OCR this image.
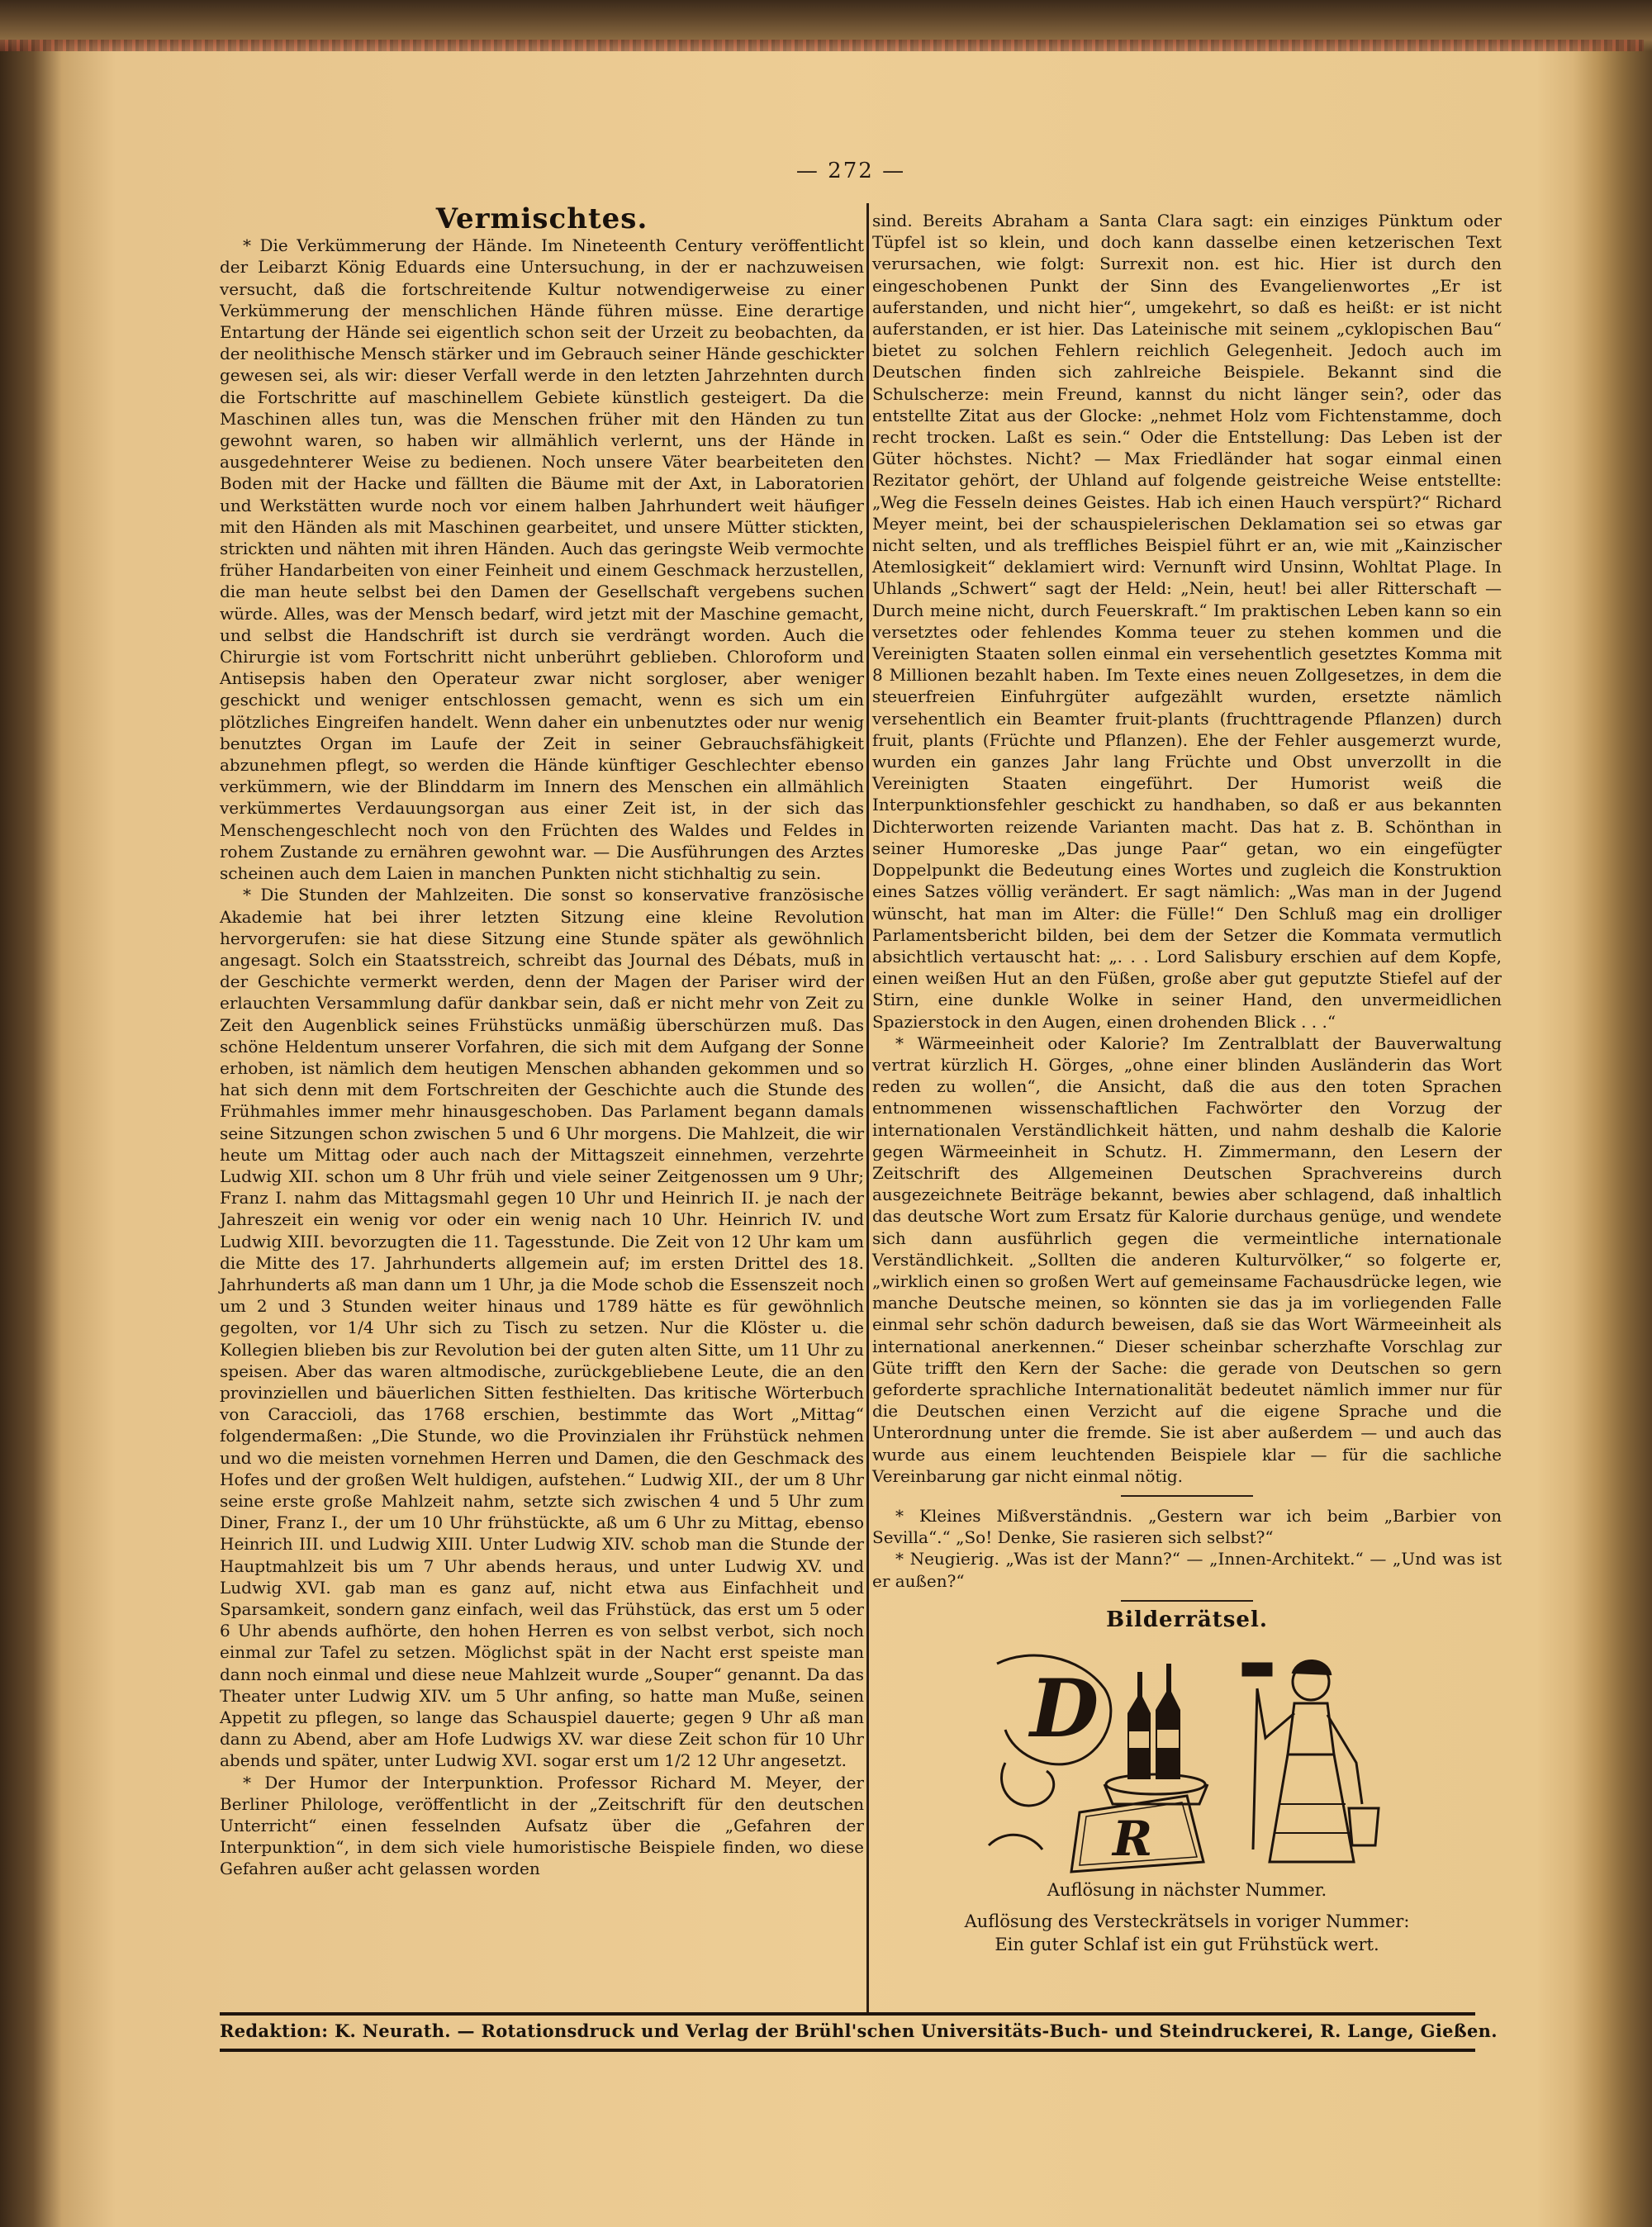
— 272 —
Vermischtes.

* Die Verkümmerung der Hände. Im Nineteenth Century veröffentlicht der Leibarzt König Eduards eine Untersuchung, in der er nachzuweisen versucht, daß die fortschreitende Kultur notwendigerweise zu einer Verkümmerung der menschlichen Hände führen müsse. Eine derartige Entartung der Hände sei eigentlich schon seit der Urzeit zu beobachten, da der neolithische Mensch stärker und im Gebrauch seiner Hände geschickter gewesen sei, als wir: dieser Verfall werde in den letzten Jahrzehnten durch die Fortschritte auf maschinellem Gebiete künstlich gesteigert. Da die Maschinen alles tun, was die Menschen früher mit den Händen zu tun gewohnt waren, so haben wir allmählich verlernt, uns der Hände in ausgedehnterer Weise zu bedienen. Noch unsere Väter bearbeiteten den Boden mit der Hacke und fällten die Bäume mit der Axt, in Laboratorien und Werkstätten wurde noch vor einem halben Jahrhundert weit häufiger mit den Händen als mit Maschinen gearbeitet, und unsere Mütter stickten, strickten und nähten mit ihren Händen. Auch das geringste Weib vermochte früher Handarbeiten von einer Feinheit und einem Geschmack herzustellen, die man heute selbst bei den Damen der Gesellschaft vergebens suchen würde. Alles, was der Mensch bedarf, wird jetzt mit der Maschine gemacht, und selbst die Handschrift ist durch sie verdrängt worden. Auch die Chirurgie ist vom Fortschritt nicht unberührt geblieben. Chloroform und Antisepsis haben den Operateur zwar nicht sorgloser, aber weniger geschickt und weniger entschlossen gemacht, wenn es sich um ein plötzliches Eingreifen handelt. Wenn daher ein unbenutztes oder nur wenig benutztes Organ im Laufe der Zeit in seiner Gebrauchsfähigkeit abzunehmen pflegt, so werden die Hände künftiger Geschlechter ebenso verkümmern, wie der Blinddarm im Innern des Menschen ein allmählich verkümmertes Verdauungsorgan aus einer Zeit ist, in der sich das Menschengeschlecht noch von den Früchten des Waldes und Feldes in rohem Zustande zu ernähren gewohnt war. — Die Ausführungen des Arztes scheinen auch dem Laien in manchen Punkten nicht stichhaltig zu sein.

* Die Stunden der Mahlzeiten. Die sonst so konservative französische Akademie hat bei ihrer letzten Sitzung eine kleine Revolution hervorgerufen: sie hat diese Sitzung eine Stunde später als gewöhnlich angesagt. Solch ein Staatsstreich, schreibt das Journal des Débats, muß in der Geschichte vermerkt werden, denn der Magen der Pariser wird der erlauchten Versammlung dafür dankbar sein, daß er nicht mehr von Zeit zu Zeit den Augenblick seines Frühstücks unmäßig überschürzen muß. Das schöne Heldentum unserer Vorfahren, die sich mit dem Aufgang der Sonne erhoben, ist nämlich dem heutigen Menschen abhanden gekommen und so hat sich denn mit dem Fortschreiten der Geschichte auch die Stunde des Frühmahles immer mehr hinausgeschoben. Das Parlament begann damals seine Sitzungen schon zwischen 5 und 6 Uhr morgens. Die Mahlzeit, die wir heute um Mittag oder auch nach der Mittagszeit einnehmen, verzehrte Ludwig XII. schon um 8 Uhr früh und viele seiner Zeitgenossen um 9 Uhr; Franz I. nahm das Mittagsmahl gegen 10 Uhr und Heinrich II. je nach der Jahreszeit ein wenig vor oder ein wenig nach 10 Uhr. Heinrich IV. und Ludwig XIII. bevorzugten die 11. Tagesstunde. Die Zeit von 12 Uhr kam um die Mitte des 17. Jahrhunderts allgemein auf; im ersten Drittel des 18. Jahrhunderts aß man dann um 1 Uhr, ja die Mode schob die Essenszeit noch um 2 und 3 Stunden weiter hinaus und 1789 hätte es für gewöhnlich gegolten, vor 1/4 Uhr sich zu Tisch zu setzen. Nur die Klöster u. die Kollegien blieben bis zur Revolution bei der guten alten Sitte, um 11 Uhr zu speisen. Aber das waren altmodische, zurückgebliebene Leute, die an den provinziellen und bäuerlichen Sitten festhielten. Das kritische Wörterbuch von Caraccioli, das 1768 erschien, bestimmte das Wort „Mittag“ folgendermaßen: „Die Stunde, wo die Provinzialen ihr Frühstück nehmen und wo die meisten vornehmen Herren und Damen, die den Geschmack des Hofes und der großen Welt huldigen, aufstehen.“ Ludwig XII., der um 8 Uhr seine erste große Mahlzeit nahm, setzte sich zwischen 4 und 5 Uhr zum Diner, Franz I., der um 10 Uhr frühstückte, aß um 6 Uhr zu Mittag, ebenso Heinrich III. und Ludwig XIII. Unter Ludwig XIV. schob man die Stunde der Hauptmahlzeit bis um 7 Uhr abends heraus, und unter Ludwig XV. und Ludwig XVI. gab man es ganz auf, nicht etwa aus Einfachheit und Sparsamkeit, sondern ganz einfach, weil das Frühstück, das erst um 5 oder 6 Uhr abends aufhörte, den hohen Herren es von selbst verbot, sich noch einmal zur Tafel zu setzen. Möglichst spät in der Nacht erst speiste man dann noch einmal und diese neue Mahlzeit wurde „Souper“ genannt. Da das Theater unter Ludwig XIV. um 5 Uhr anfing, so hatte man Muße, seinen Appetit zu pflegen, so lange das Schauspiel dauerte; gegen 9 Uhr aß man dann zu Abend, aber am Hofe Ludwigs XV. war diese Zeit schon für 10 Uhr abends und später, unter Ludwig XVI. sogar erst um 1/2 12 Uhr angesetzt.

* Der Humor der Interpunktion. Professor Richard M. Meyer, der Berliner Philologe, veröffentlicht in der „Zeitschrift für den deutschen Unterricht“ einen fesselnden Aufsatz über die „Gefahren der Interpunktion“, in dem sich viele humoristische Beispiele finden, wo diese Gefahren außer acht gelassen worden

sind. Bereits Abraham a Santa Clara sagt: ein einziges Pünktum oder Tüpfel ist so klein, und doch kann dasselbe einen ketzerischen Text verursachen, wie folgt: Surrexit non. est hic. Hier ist durch den eingeschobenen Punkt der Sinn des Evangelienwortes „Er ist auferstanden, und nicht hier“, umgekehrt, so daß es heißt: er ist nicht auferstanden, er ist hier. Das Lateinische mit seinem „cyklopischen Bau“ bietet zu solchen Fehlern reichlich Gelegenheit. Jedoch auch im Deutschen finden sich zahlreiche Beispiele. Bekannt sind die Schulscherze: mein Freund, kannst du nicht länger sein?, oder das entstellte Zitat aus der Glocke: „nehmet Holz vom Fichtenstamme, doch recht trocken. Laßt es sein.“ Oder die Entstellung: Das Leben ist der Güter höchstes. Nicht? — Max Friedländer hat sogar einmal einen Rezitator gehört, der Uhland auf folgende geistreiche Weise entstellte: „Weg die Fesseln deines Geistes. Hab ich einen Hauch verspürt?“ Richard Meyer meint, bei der schauspielerischen Deklamation sei so etwas gar nicht selten, und als treffliches Beispiel führt er an, wie mit „Kainzischer Atemlosigkeit“ deklamiert wird: Vernunft wird Unsinn, Wohltat Plage. In Uhlands „Schwert“ sagt der Held: „Nein, heut! bei aller Ritterschaft — Durch meine nicht, durch Feuerskraft.“ Im praktischen Leben kann so ein versetztes oder fehlendes Komma teuer zu stehen kommen und die Vereinigten Staaten sollen einmal ein versehentlich gesetztes Komma mit 8 Millionen bezahlt haben. Im Texte eines neuen Zollgesetzes, in dem die steuerfreien Einfuhrgüter aufgezählt wurden, ersetzte nämlich versehentlich ein Beamter fruit-plants (fruchttragende Pflanzen) durch fruit, plants (Früchte und Pflanzen). Ehe der Fehler ausgemerzt wurde, wurden ein ganzes Jahr lang Früchte und Obst unverzollt in die Vereinigten Staaten eingeführt. Der Humorist weiß die Interpunktionsfehler geschickt zu handhaben, so daß er aus bekannten Dichterworten reizende Varianten macht. Das hat z. B. Schönthan in seiner Humoreske „Das junge Paar“ getan, wo ein eingefügter Doppelpunkt die Bedeutung eines Wortes und zugleich die Konstruktion eines Satzes völlig verändert. Er sagt nämlich: „Was man in der Jugend wünscht, hat man im Alter: die Fülle!“ Den Schluß mag ein drolliger Parlamentsbericht bilden, bei dem der Setzer die Kommata vermutlich absichtlich vertauscht hat: „. . . Lord Salisbury erschien auf dem Kopfe, einen weißen Hut an den Füßen, große aber gut geputzte Stiefel auf der Stirn, eine dunkle Wolke in seiner Hand, den unvermeidlichen Spazierstock in den Augen, einen drohenden Blick . . .“

* Wärmeeinheit oder Kalorie? Im Zentralblatt der Bauverwaltung vertrat kürzlich H. Görges, „ohne einer blinden Ausländerin das Wort reden zu wollen“, die Ansicht, daß die aus den toten Sprachen entnommenen wissenschaftlichen Fachwörter den Vorzug der internationalen Verständlichkeit hätten, und nahm deshalb die Kalorie gegen Wärmeeinheit in Schutz. H. Zimmermann, den Lesern der Zeitschrift des Allgemeinen Deutschen Sprachvereins durch ausgezeichnete Beiträge bekannt, bewies aber schlagend, daß inhaltlich das deutsche Wort zum Ersatz für Kalorie durchaus genüge, und wendete sich dann ausführlich gegen die vermeintliche internationale Verständlichkeit. „Sollten die anderen Kulturvölker,“ so folgerte er, „wirklich einen so großen Wert auf gemeinsame Fachausdrücke legen, wie manche Deutsche meinen, so könnten sie das ja im vorliegenden Falle einmal sehr schön dadurch beweisen, daß sie das Wort Wärmeeinheit als international anerkennen.“ Dieser scheinbar scherzhafte Vorschlag zur Güte trifft den Kern der Sache: die gerade von Deutschen so gern geforderte sprachliche Internationalität bedeutet nämlich immer nur für die Deutschen einen Verzicht auf die eigene Sprache und die Unterordnung unter die fremde. Sie ist aber außerdem — und auch das wurde aus einem leuchtenden Beispiele klar — für die sachliche Vereinbarung gar nicht einmal nötig.

* Kleines Mißverständnis. „Gestern war ich beim „Barbier von Sevilla“.“ „So! Denke, Sie rasieren sich selbst?“

* Neugierig. „Was ist der Mann?“ — „Innen-Architekt.“ — „Und was ist er außen?“

Bilderrätsel.
D
R
Auflösung in nächster Nummer.
Auflösung des Versteckrätsels in voriger Nummer:
Ein guter Schlaf ist ein gut Frühstück wert.
Redaktion: K. Neurath. — Rotationsdruck und Verlag der Brühl'schen Universitäts-Buch- und Steindruckerei, R. Lange, Gießen.
